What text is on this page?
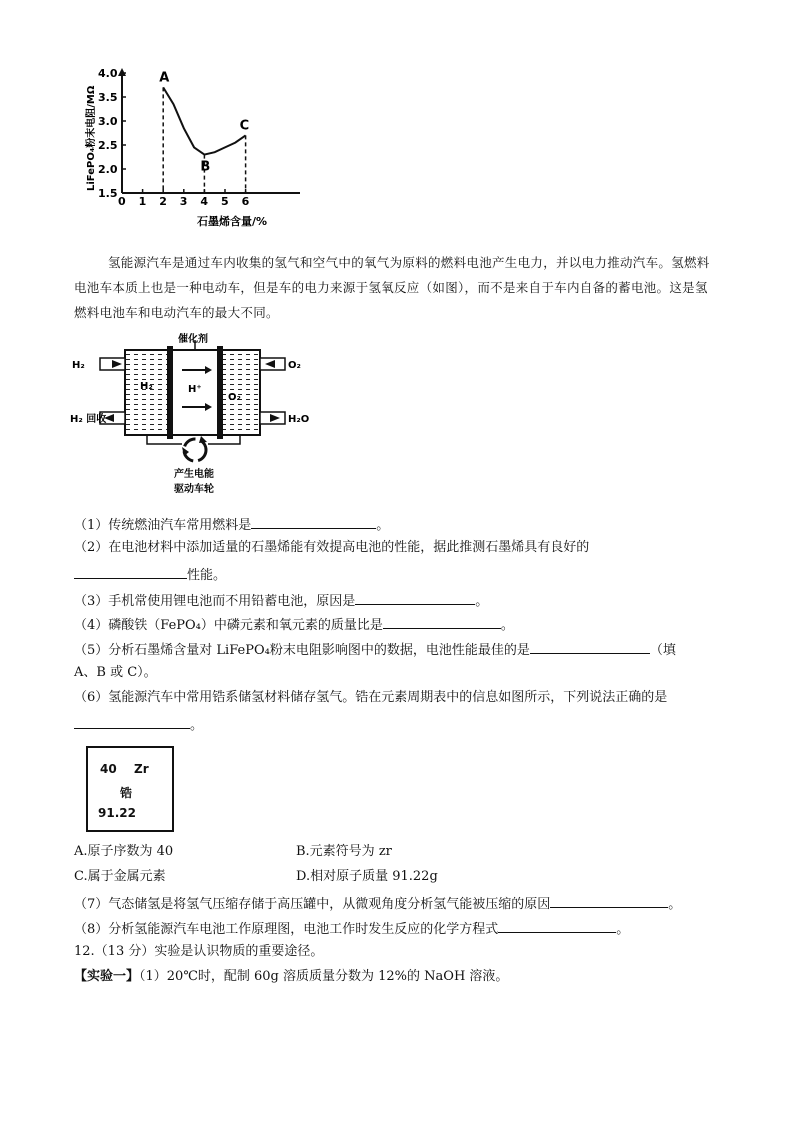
0 1 2 3 4 5 6
1.5
2.0
2.5
3.0
3.5
4.0
LiFePO₄粉末电阻/MΩ
石墨烯含量/%
A
B
C
氢能源汽车是通过车内收集的氢气和空气中的氧气为原料的燃料电池产生电力，并以电力推动汽车。氢燃料电池车本质上也是一种电动车，但是车的电力来源于氢氧反应（如图），而不是来自于车内自备的蓄电池。这是氢燃料电池车和电动汽车的最大不同。
催化剂
H⁺
H₂
O₂
H₂	O₂
H₂ 回收	H₂O
产生电能
驱动车轮
（1）传统燃油汽车常用燃料是	。
（2）在电池材料中添加适量的石墨烯能有效提高电池的性能，据此推测石墨烯具有良好的
性能。
（3）手机常使用锂电池而不用铅蓄电池，原因是	。
（4）磷酸铁（FePO₄）中磷元素和氧元素的质量比是	。
（5）分析石墨烯含量对 LiFePO₄粉末电阻影响图中的数据，电池性能最佳的是	（填
A、B 或 C）。
（6）氢能源汽车中常用锆系储氢材料储存氢气。锆在元素周期表中的信息如图所示，下列说法正确的是
。
40 Zr
锆
91.22
A.原子序数为 40	B.元素符号为 zr
C.属于金属元素	D.相对原子质量 91.22g
（7）气态储氢是将氢气压缩存储于高压罐中，从微观角度分析氢气能被压缩的原因	。
（8）分析氢能源汽车电池工作原理图，电池工作时发生反应的化学方程式	。
12.（13 分）实验是认识物质的重要途径。
【实验一】（1）20℃时，配制 60g 溶质质量分数为 12%的 NaOH 溶液。
